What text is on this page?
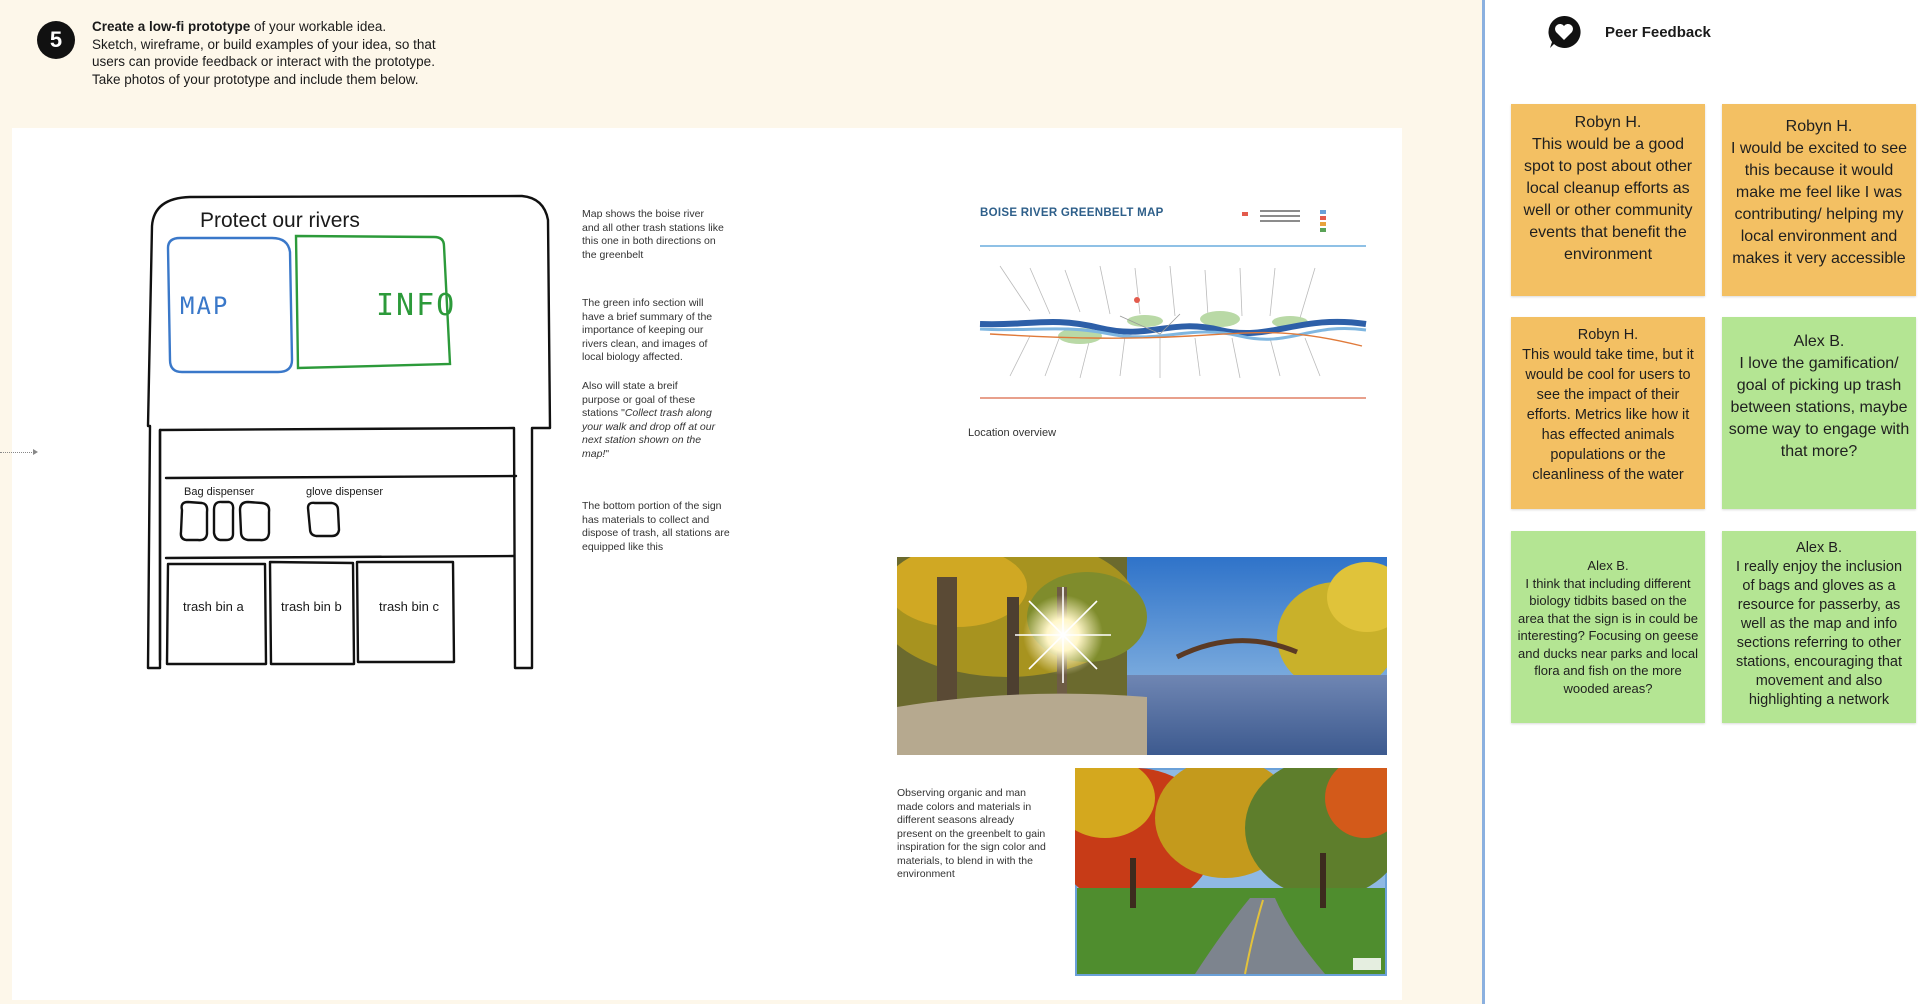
5
Create a low-fi prototype of your workable idea.
Sketch, wireframe, or build examples of your idea, so that
users can provide feedback or interact with the prototype.
Take photos of your prototype and include them below.
Protect our rivers
MAP	INFO
Bag dispenser	glove dispenser
trash bin a	trash bin b	trash bin c
Map shows the boise river and all other trash stations like this one in both directions on the greenbelt
The green info section will have a brief summary of the importance of keeping our rivers clean, and images of local biology affected.
Also will state a breif purpose or goal of these stations "Collect trash along your walk and drop off at our next station shown on the map!"
The bottom portion of the sign has materials to collect and dispose of trash, all stations are equipped like this
BOISE RIVER GREENBELT MAP
Location overview
Observing organic and man made colors and materials in different seasons already present on the greenbelt to gain inspiration for the sign color and materials, to blend in with the environment
Peer Feedback
Robyn H.
This would be a good spot to post about other local cleanup efforts as well or other community events that benefit the environment
Robyn H.
I would be excited to see this because it would make me feel like I was contributing/ helping my local environment and makes it very accessible
Robyn H.
This would take time, but it would be cool for users to see the impact of their efforts. Metrics like how it has effected animals populations or the cleanliness of the water
Alex B.
I love the gamification/ goal of picking up trash between stations, maybe some way to engage with that more?
Alex B.
I think that including different biology tidbits based on the area that the sign is in could be interesting? Focusing on geese and ducks near parks and local flora and fish on the more wooded areas?
Alex B.
I really enjoy the inclusion of bags and gloves as a resource for passerby, as well as the map and info sections referring to other stations, encouraging that movement and also highlighting a network
